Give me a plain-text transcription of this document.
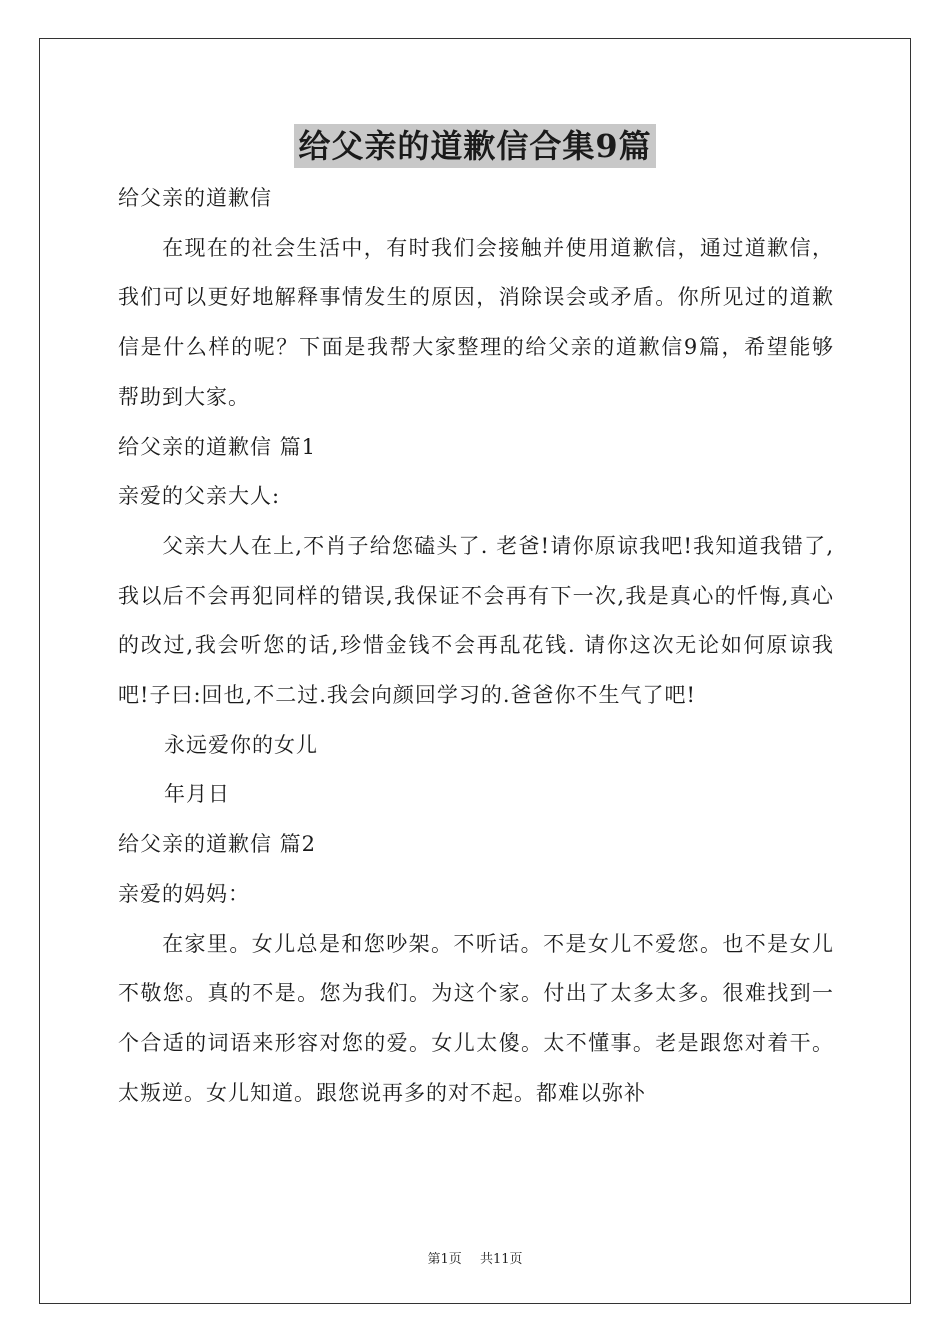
给父亲的道歉信合集9篇

给父亲的道歉信

在现在的社会生活中，有时我们会接触并使用道歉信，通过道歉信，我们可以更好地解释事情发生的原因，消除误会或矛盾。你所见过的道歉信是什么样的呢？下面是我帮大家整理的给父亲的道歉信9篇，希望能够帮助到大家。

给父亲的道歉信 篇1

亲爱的父亲大人:

父亲大人在上,不肖子给您磕头了. 老爸!请你原谅我吧!我知道我错了,我以后不会再犯同样的错误,我保证不会再有下一次,我是真心的忏悔,真心的改过,我会听您的话,珍惜金钱不会再乱花钱. 请你这次无论如何原谅我吧!子曰:回也,不二过.我会向颜回学习的.爸爸你不生气了吧!

永远爱你的女儿

年月日

给父亲的道歉信 篇2

亲爱的妈妈：

在家里。女儿总是和您吵架。不听话。不是女儿不爱您。也不是女儿不敬您。真的不是。您为我们。为这个家。付出了太多太多。很难找到一个合适的词语来形容对您的爱。女儿太傻。太不懂事。老是跟您对着干。太叛逆。女儿知道。跟您说再多的对不起。都难以弥补

第1页 共11页
